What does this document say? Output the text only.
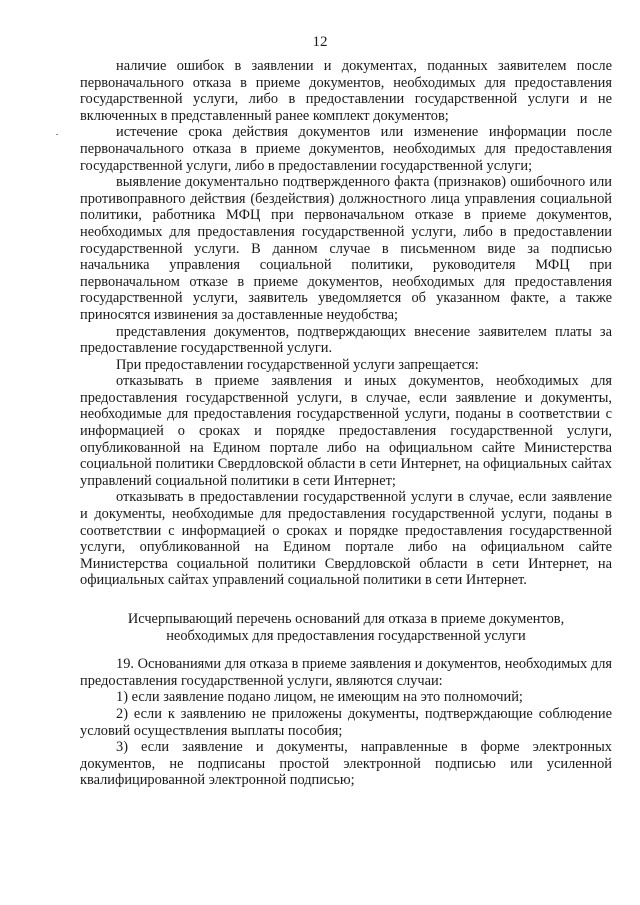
12

наличие ошибок в заявлении и документах, поданных заявителем после первоначального отказа в приеме документов, необходимых для предоставления государственной услуги, либо в предоставлении государственной услуги и не включенных в представленный ранее комплект документов;

истечение срока действия документов или изменение информации после первоначального отказа в приеме документов, необходимых для предоставления государственной услуги, либо в предоставлении государственной услуги;

выявление документально подтвержденного факта (признаков) ошибочного или противоправного действия (бездействия) должностного лица управления социальной политики, работника МФЦ при первоначальном отказе в приеме документов, необходимых для предоставления государственной услуги, либо в предоставлении государственной услуги. В данном случае в письменном виде за подписью начальника управления социальной политики, руководителя МФЦ при первоначальном отказе в приеме документов, необходимых для предоставления государственной услуги, заявитель уведомляется об указанном факте, а также приносятся извинения за доставленные неудобства;

представления документов, подтверждающих внесение заявителем платы за предоставление государственной услуги.

При предоставлении государственной услуги запрещается:

отказывать в приеме заявления и иных документов, необходимых для предоставления государственной услуги, в случае, если заявление и документы, необходимые для предоставления государственной услуги, поданы в соответствии с информацией о сроках и порядке предоставления государственной услуги, опубликованной на Едином портале либо на официальном сайте Министерства социальной политики Свердловской области в сети Интернет, на официальных сайтах управлений социальной политики в сети Интернет;

отказывать в предоставлении государственной услуги в случае, если заявление и документы, необходимые для предоставления государственной услуги, поданы в соответствии с информацией о сроках и порядке предоставления государственной услуги, опубликованной на Едином портале либо на официальном сайте Министерства социальной политики Свердловской области в сети Интернет, на официальных сайтах управлений социальной политики в сети Интернет.

Исчерпывающий перечень оснований для отказа в приеме документов,
необходимых для предоставления государственной услуги

19. Основаниями для отказа в приеме заявления и документов, необходимых для предоставления государственной услуги, являются случаи:

1) если заявление подано лицом, не имеющим на это полномочий;

2) если к заявлению не приложены документы, подтверждающие соблюдение условий осуществления выплаты пособия;

3) если заявление и документы, направленные в форме электронных документов, не подписаны простой электронной подписью или усиленной квалифицированной электронной подписью;
